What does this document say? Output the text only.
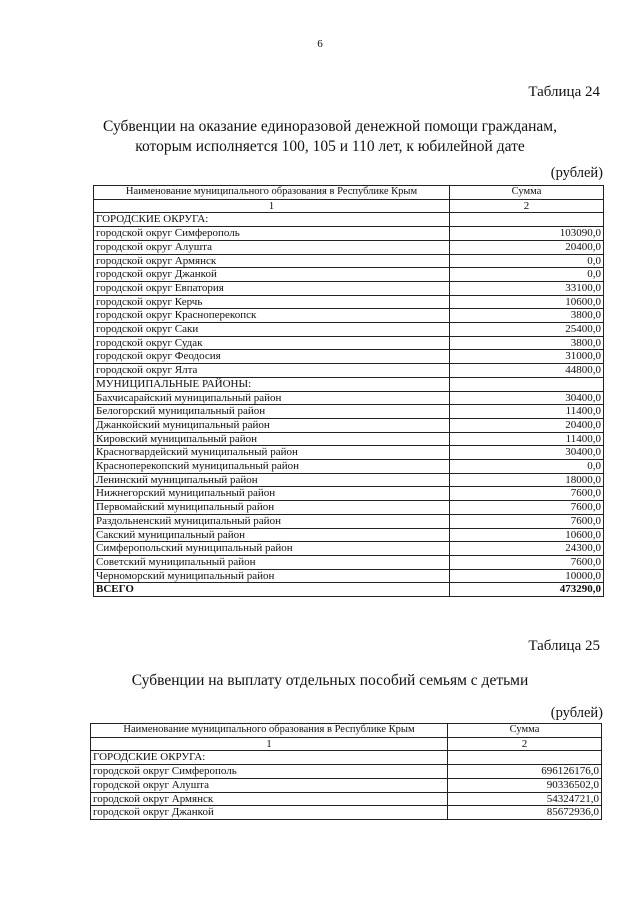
6
Таблица 24
Субвенции на оказание единоразовой денежной помощи гражданам,
которым исполняется 100, 105 и 110 лет, к юбилейной дате
(рублей)
Наименование муниципального образования в Республике Крым	Сумма
1	2
ГОРОДСКИЕ ОКРУГА:	
городской округ Симферополь	103090,0
городской округ Алушта	20400,0
городской округ Армянск	0,0
городской округ Джанкой	0,0
городской округ Евпатория	33100,0
городской округ Керчь	10600,0
городской округ Красноперекопск	3800,0
городской округ Саки	25400,0
городской округ Судак	3800,0
городской округ Феодосия	31000,0
городской округ Ялта	44800,0
МУНИЦИПАЛЬНЫЕ РАЙОНЫ:	
Бахчисарайский муниципальный район	30400,0
Белогорский муниципальный район	11400,0
Джанкойский муниципальный район	20400,0
Кировский муниципальный район	11400,0
Красногвардейский муниципальный район	30400,0
Красноперекопский муниципальный район	0,0
Ленинский муниципальный район	18000,0
Нижнегорский муниципальный район	7600,0
Первомайский муниципальный район	7600,0
Раздольненский муниципальный район	7600,0
Сакский муниципальный район	10600,0
Симферопольский муниципальный район	24300,0
Советский муниципальный район	7600,0
Черноморский муниципальный район	10000,0
ВСЕГО	473290,0
Таблица 25
Субвенции на выплату отдельных пособий семьям с детьми
(рублей)
Наименование муниципального образования в Республике Крым	Сумма
1	2
ГОРОДСКИЕ ОКРУГА:	
городской округ Симферополь	696126176,0
городской округ Алушта	90336502,0
городской округ Армянск	54324721,0
городской округ Джанкой	85672936,0
